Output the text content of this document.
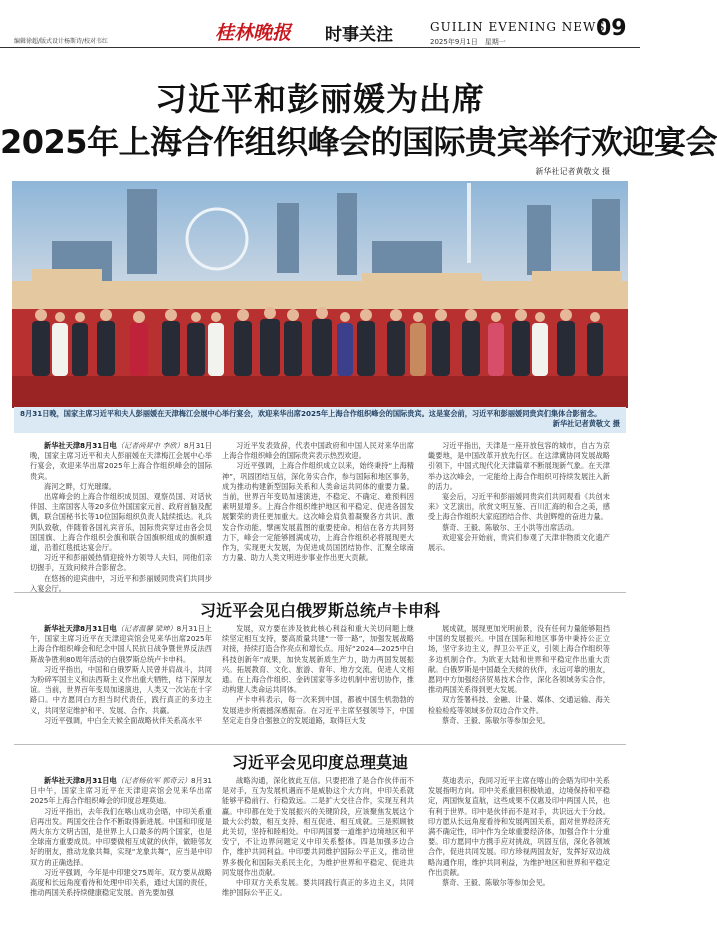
编辑徐超/版式设计杨斯诗/校对韦红	桂林晚报 时事关注	GUILIN EVENING NEWS
2025年9月1日　星期一
09
习近平和彭丽媛为出席
2025年上海合作组织峰会的国际贵宾举行欢迎宴会
新华社记者黄敬文 摄
8月31日晚，国家主席习近平和夫人彭丽媛在天津梅江会展中心举行宴会，欢迎来华出席2025年上海合作组织峰会的国际贵宾。这是宴会前，习近平和彭丽媛同贵宾们集体合影留念。
新华社记者黄敬文 摄

新华社天津8月31日电（记者尚昇中 李欣）8月31日晚，国家主席习近平和夫人彭丽媛在天津梅江会展中心举行宴会，欢迎来华出席2025年上海合作组织峰会的国际贵宾。

海河之畔，灯光璀璨。

出席峰会的上海合作组织成员国、观察员国、对话伙伴国、主席国客人等20多位外国国家元首、政府首脑及配偶，联合国秘书长等10位国际组织负责人陆续抵达。礼兵列队致敬，伴随着各国礼宾音乐，国际贵宾穿过由各会员国国旗、上海合作组织会旗和联合国旗帜组成的旗帜通道，沿着红毯抵达宴会厅。

习近平和彭丽媛热情迎接外方领导人夫妇，同他们亲切握手，互致问候并合影留念。

在悠扬的迎宾曲中，习近平和彭丽媛同贵宾们共同步入宴会厅。

习近平发表致辞，代表中国政府和中国人民对来华出席上海合作组织峰会的国际贵宾表示热烈欢迎。

习近平强调，上海合作组织成立以来，始终秉持“上海精神”，巩固团结互信，深化务实合作，参与国际和地区事务，成为推动构建新型国际关系和人类命运共同体的重要力量。当前，世界百年变局加速演进，不稳定、不确定、难预料因素明显增多。上海合作组织维护地区和平稳定、促进各国发展繁荣的责任更加重大。这次峰会肩负着凝聚各方共识、激发合作动能、擘画发展蓝图的重要使命。相信在各方共同努力下，峰会一定能够圆满成功，上海合作组织必将展现更大作为，实现更大发展，为促进成员国团结协作、汇聚全球南方力量、助力人类文明进步事业作出更大贡献。

习近平指出，天津是一座开放包容的城市，自古为京畿要地，是中国改革开放先行区。在这津冀协同发展战略引领下，中国式现代化天津篇章不断展现新气象。在天津举办这次峰会，一定能给上海合作组织可持续发展注入新的活力。

宴会后，习近平和彭丽媛同贵宾们共同观看《共创未来》文艺演出，欣赏文明互鉴、百川汇海的和合之美，感受上海合作组织大家庭团结合作、共创辉煌的奋进力量。

蔡奇、王毅、陈敏尔、王小洪等出席活动。

欢迎宴会开始前，贵宾们参观了天津非物质文化遗产展示。

习近平会见白俄罗斯总统卢卡申科

新华社天津8月31日电（记者温馨 梁坤）8月31日上午，国家主席习近平在天津迎宾馆会见来华出席2025年上海合作组织峰会和纪念中国人民抗日战争暨世界反法西斯战争胜利80周年活动的白俄罗斯总统卢卡申科。

习近平指出，中国和白俄罗斯人民曾并肩战斗，共同为粉碎军国主义和法西斯主义作出重大牺牲，结下深厚友谊。当前，世界百年变局加速演进，人类又一次站在十字路口。中方愿同白方担当时代责任，践行真正的多边主义，共同坚定维护和平、发展、合作、共赢。

习近平强调，中白全天候全面战略伙伴关系高水平

发展，双方要在涉及彼此核心利益和重大关切问题上继续坚定相互支持，要高质量共建“一带一路”，加强发展战略对接，持续打造合作亮点和增长点。用好“2024—2025中白科技创新年”成果，加快发展新质生产力，助力两国发展振兴。拓展教育、文化、旅游、青年、地方交流，促进人文相通。在上海合作组织、金砖国家等多边机制中密切协作，推动构建人类命运共同体。

卢卡申科表示，每一次来到中国，都被中国生机勃勃的发展进步所震撼深感振奋。在习近平主席坚强领导下，中国坚定走自身自强独立的发展道路，取得巨大发

展成就，展现更加光明前景，没有任何力量能够阻挡中国的发展振兴。中国在国际和地区事务中秉持公正立场，坚守多边主义，捍卫公平正义，引领上海合作组织等多边机制合作。为欧亚大陆和世界和平稳定作出重大贡献。白俄罗斯是中国最全天候的伙伴，永远可靠的朋友，愿同中方加强经济贸易技术合作，深化各领域务实合作，推动两国关系得到更大发展。

双方签署科技、金融、计量、媒体、交通运输、海关检验检疫等领域多份双边合作文件。

蔡奇、王毅、陈敏尔等参加会见。

习近平会见印度总理莫迪

新华社天津8月31日电（记者杨依军 郭奇云）8月31日中午，国家主席习近平在天津迎宾馆会见来华出席2025年上海合作组织峰会的印度总理莫迪。

习近平指出，去年我们在喀山成功会晤，中印关系重启再出发。两国交往合作不断取得新进展。中国和印度是两大东方文明古国，是世界上人口最多的两个国家，也是全球南方重要成员。中印要做相互成就的伙伴，做睦邻友好的朋友，推动龙象共舞，实现“龙象共舞”，应当是中印双方的正确选择。

习近平强调，今年是中印建交75周年。双方要从战略高度和长远角度看待和处理中印关系，通过大国的责任，推动两国关系持续健康稳定发展。首先要加强

战略沟通，深化彼此互信。只要把准了是合作伙伴而不是对手，互为发展机遇而不是威胁这个大方向，中印关系就能够平稳前行、行稳致远。二是扩大交往合作，实现互利共赢。中印都在处于发展振兴的关键阶段，应该聚焦发展这个最大公约数，相互支持、相互促进、相互成就。三是照顾彼此关切，坚持和睦相处。中印两国要一道维护边境地区和平安宁，不让边界问题定义中印关系整体。四是加强多边合作，维护共同利益。中印要共同维护国际公平正义，推动世界多极化和国际关系民主化，为维护世界和平稳定、促进共同发展作出贡献。

中印双方关系发展。要共同践行真正的多边主义，共同维护国际公平正义。

莫迪表示，我同习近平主席在喀山的会晤为印中关系发展指明方向。印中关系重回积极轨道，边境保持和平稳定，两国恢复直航，这些成果不仅惠及印中两国人民，也有利于世界。印中是伙伴而不是对手，共识远大于分歧。印方愿从长远角度看待和发展两国关系，面对世界经济充满不确定性，印中作为全球重要经济体，加强合作十分重要。印方愿同中方携手应对挑战，巩固互信，深化各领域合作，促进共同发展。印方珍视两国友好，发挥好双边战略沟通作用，维护共同利益，为维护地区和世界和平稳定作出贡献。

蔡奇、王毅、陈敏尔等参加会见。
